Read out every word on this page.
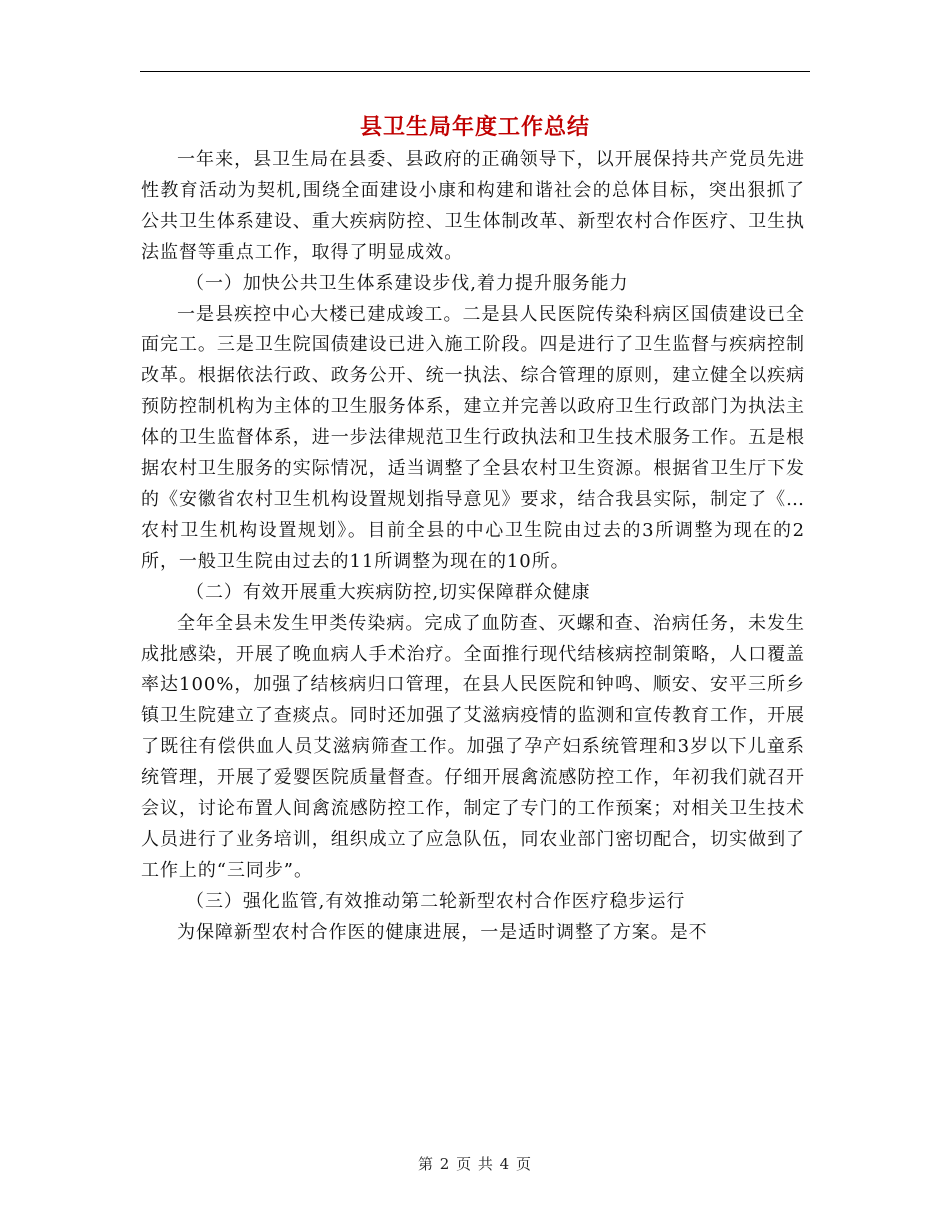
县卫生局年度工作总结

一年来，县卫生局在县委、县政府的正确领导下，以开展保持共产党员先进性教育活动为契机,围绕全面建设小康和构建和谐社会的总体目标，突出狠抓了公共卫生体系建设、重大疾病防控、卫生体制改革、新型农村合作医疗、卫生执法监督等重点工作，取得了明显成效。

（一）加快公共卫生体系建设步伐,着力提升服务能力

一是县疾控中心大楼已建成竣工。二是县人民医院传染科病区国债建设已全面完工。三是卫生院国债建设已进入施工阶段。四是进行了卫生监督与疾病控制改革。根据依法行政、政务公开、统一执法、综合管理的原则，建立健全以疾病预防控制机构为主体的卫生服务体系，建立并完善以政府卫生行政部门为执法主体的卫生监督体系，进一步法律规范卫生行政执法和卫生技术服务工作。五是根据农村卫生服务的实际情况，适当调整了全县农村卫生资源。根据省卫生厅下发的《安徽省农村卫生机构设置规划指导意见》要求，结合我县实际，制定了《…农村卫生机构设置规划》。目前全县的中心卫生院由过去的3所调整为现在的2所，一般卫生院由过去的11所调整为现在的10所。

（二）有效开展重大疾病防控,切实保障群众健康

全年全县未发生甲类传染病。完成了血防查、灭螺和查、治病任务，未发生成批感染，开展了晚血病人手术治疗。全面推行现代结核病控制策略，人口覆盖率达100%，加强了结核病归口管理，在县人民医院和钟鸣、顺安、安平三所乡镇卫生院建立了查痰点。同时还加强了艾滋病疫情的监测和宣传教育工作，开展了既往有偿供血人员艾滋病筛查工作。加强了孕产妇系统管理和3岁以下儿童系统管理，开展了爱婴医院质量督查。仔细开展禽流感防控工作，年初我们就召开会议，讨论布置人间禽流感防控工作，制定了专门的工作预案；对相关卫生技术人员进行了业务培训，组织成立了应急队伍，同农业部门密切配合，切实做到了工作上的“三同步”。

（三）强化监管,有效推动第二轮新型农村合作医疗稳步运行

为保障新型农村合作医的健康进展，一是适时调整了方案。是不

第 2 页 共 4 页
